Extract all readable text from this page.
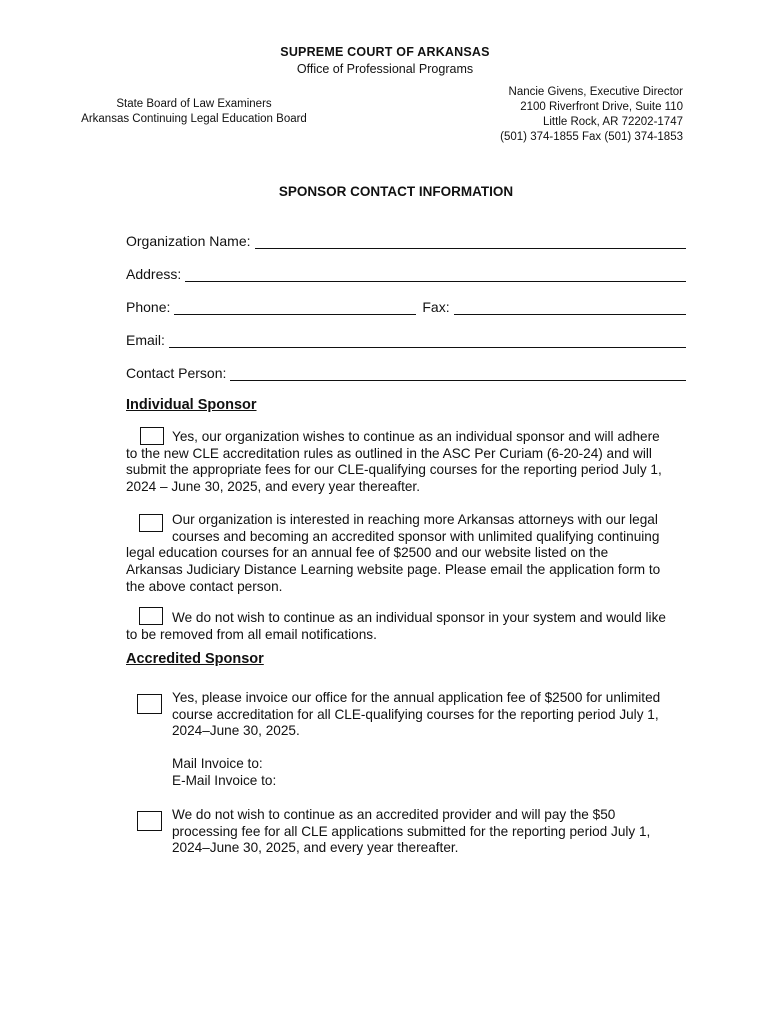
SUPREME COURT OF ARKANSAS
Office of Professional Programs
State Board of Law Examiners
Arkansas Continuing Legal Education Board
Nancie Givens, Executive Director
2100 Riverfront Drive, Suite 110
Little Rock, AR 72202-1747
(501) 374-1855 Fax (501) 374-1853
SPONSOR CONTACT INFORMATION
Organization Name:
Address:
Phone:	Fax:
Email:
Contact Person:
Individual Sponsor
Yes, our organization wishes to continue as an individual sponsor and will adhere
to the new CLE accreditation rules as outlined in the ASC Per Curiam (6-20-24) and will
submit the appropriate fees for our CLE-qualifying courses for the reporting period July 1,
2024 – June 30, 2025, and every year thereafter.
Our organization is interested in reaching more Arkansas attorneys with our legal
courses and becoming an accredited sponsor with unlimited qualifying continuing
legal education courses for an annual fee of $2500 and our website listed on the
Arkansas Judiciary Distance Learning website page. Please email the application form to
the above contact person.
We do not wish to continue as an individual sponsor in your system and would like
to be removed from all email notifications.
Accredited Sponsor
Yes, please invoice our office for the annual application fee of $2500 for unlimited
course accreditation for all CLE-qualifying courses for the reporting period July 1,
2024–June 30, 2025.
Mail Invoice to:
E-Mail Invoice to:
We do not wish to continue as an accredited provider and will pay the $50
processing fee for all CLE applications submitted for the reporting period July 1,
2024–June 30, 2025, and every year thereafter.
